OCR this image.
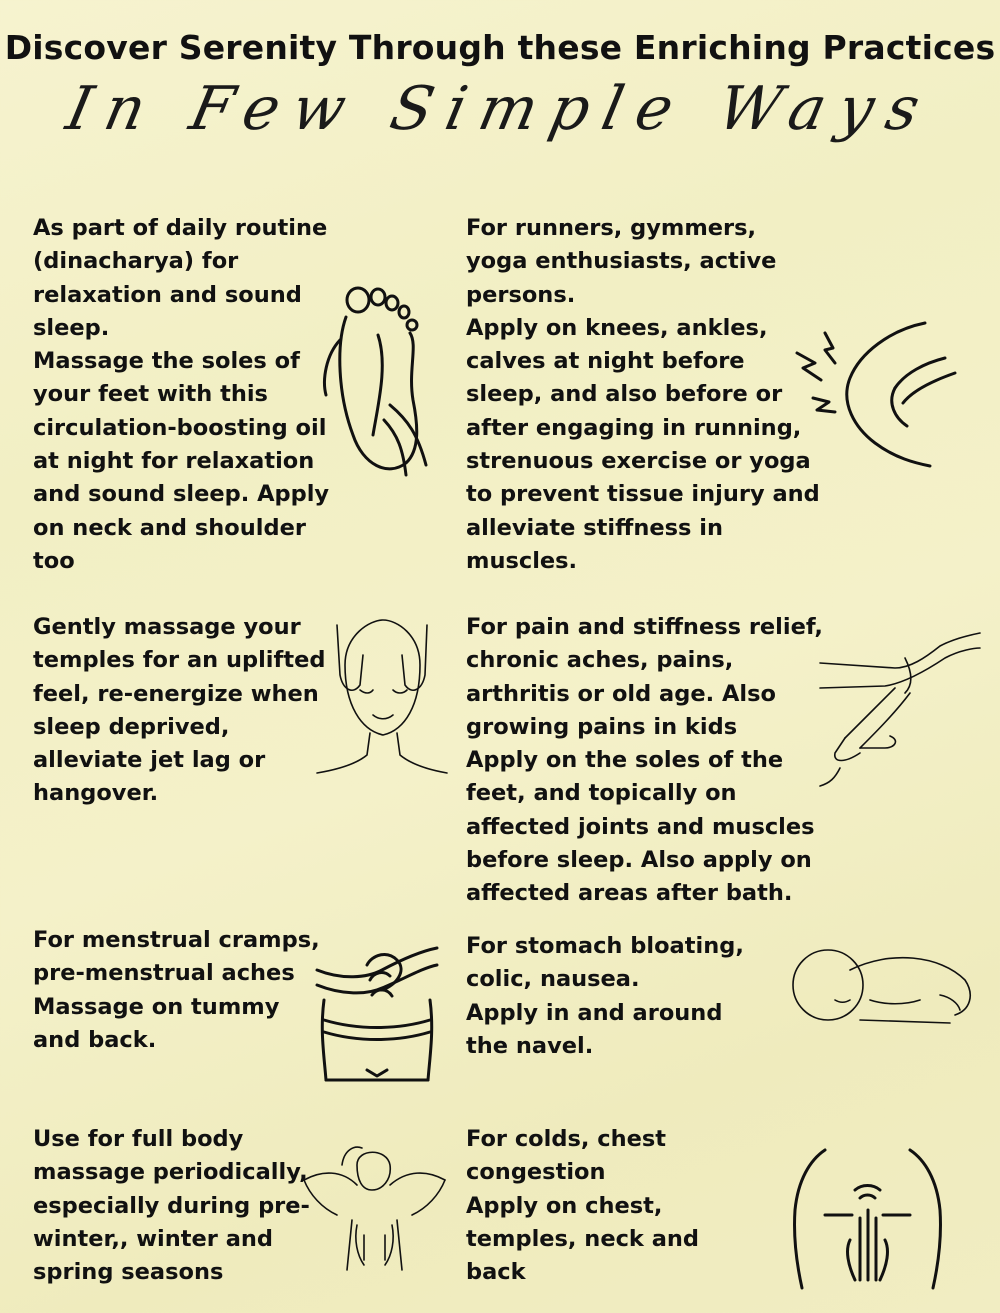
Discover Serenity Through these Enriching Practices
In Few Simple Ways

As part of daily routine
(dinacharya) for
relaxation and sound
sleep.
Massage the soles of
your feet with this
circulation-boosting oil
at night for relaxation
and sound sleep. Apply
on neck and shoulder
too

Gently massage your
temples for an uplifted
feel, re-energize when
sleep deprived,
alleviate jet lag or
hangover.

For menstrual cramps,
pre-menstrual aches
Massage on tummy
and back.

Use for full body
massage periodically,
especially during pre-
winter,, winter and
spring seasons

For runners, gymmers,
yoga enthusiasts, active
persons.
Apply on knees, ankles,
calves at night before
sleep, and also before or
after engaging in running,
strenuous exercise or yoga
to prevent tissue injury and
alleviate stiffness in
muscles.

For pain and stiffness relief,
chronic aches, pains,
arthritis or old age. Also
growing pains in kids
Apply on the soles of the
feet, and topically on
affected joints and muscles
before sleep. Also apply on
affected areas after bath.

For stomach bloating,
colic, nausea.
Apply in and around
the navel.

For colds, chest
congestion
Apply on chest,
temples, neck and
back
